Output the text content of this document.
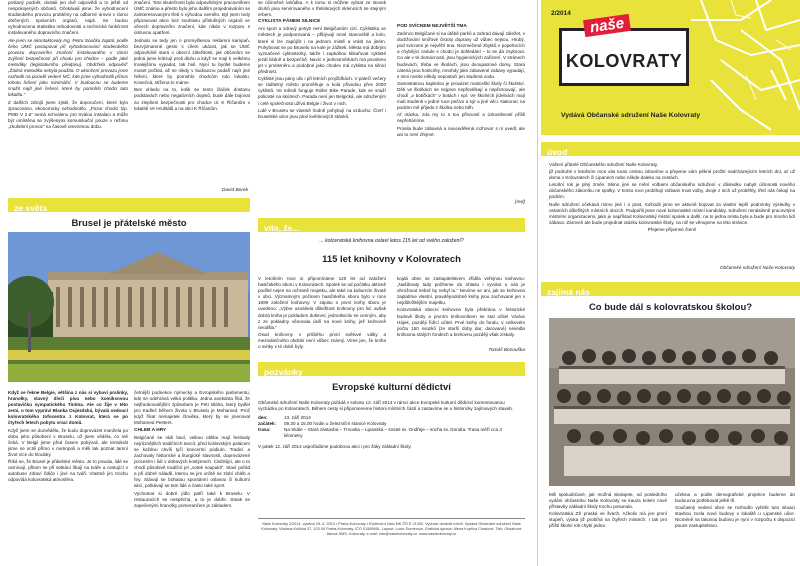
poslaný podnět, dostali jen dvě odpovědi a to ještě od nespokojených občanů. Očekávali jsme, že vyhodnocení studieobého provozu problémy na odborné úrovni v rámci dotčených správních orgánů, najdi. Se budou vyhodnocena statistika nehodovosti a technická funkčnost instalovaného dopravního značení.

Ale jsem se nkontaktovaly Ing. Petru Součku zaptal, podle čeho ÚMČ postupoval při vyhodnocování studieobého provozu dopravního značení instalovaného v rámci zvýšení bezpečnosti při chodu pro chodce – podle jaké metodiky (legislativního předpisu). Obdržela odpověď: „Žádná metodika nebyla použita. O ukončení provozu jsme rozhodli na poradě vedení MČ, kde jsme vyhodnotili přínos tohoto řešení jako minimální. V budoucnu se budeme snažit najít jiné řešení, které by pomohlo chodci tuto lokalitu.“

Z dalších zdrojů jsem zjistil, že doporučení, které bylo zpracováno, ekonomicky nehodnotilo. „Pozor chodci tzp. PMD V 2.6“ nemá schválenu pro trvalou instalaci a může být umístěna se zvýšenými komunikační pouze v režimu „zkušební provoz“ na časově omezenou dobu.

David Borek
ze světa
Brusel je přátelské město

Když se řekne Belgie, většina z nás si vybaví pralinky, hranolky, slavný dívčí piva nebo komiksovou postavičku sympatického Tintina. Ale co žije v této zemi, o tom vypráví Blanka Oujezdská, bývalá sedoucí kolovratského tofocentra z Kolovrat, která se po čtyřech letech pobytu vrací domů.

Když jsem se dozvěděla, že budu doprovázet manžela po dobu jeho působení v Bruselu, už jsem věděla, co mě čeká. V Belgii jsme před časem pobývali, ale tentokrát jsme se octili přímo v metropoli a měli tak poznat tamní život více do hloubky.

Říká se, že Brusel je přátelské město. Je to pravda, lidé se usmívají, přitom se při setkání líbají na tváře a cestující v autobuse zdraví řidiče i jiné na tváři. Vlastně jim trochu odpovídá kolovratská atmosféra.

značení. Toto skutečnost byla odpovědným pracovníkem ÚMČ známa a přesto bylo jeho dalším projednáváním se zainteresovanými třetí s výhodou nemělo. Byl jsem tedy připravovat akce bez souhlasu příslušných orgánů ve věcech dopravního značení, kde nikdo v rozporu s úmluvou opatření.

Jednalo se tedy jen o promyšlenou reklamní kampaň, bezvýznamné gesto s cílem ukázat, jak se ÚMČ odpovědně stará o obecní záležitosti, jak občanům se jedná jsme kritizují proti dluhu a když se mají k velkému trvalejšímu vypadat, tak hnil. Nyní tu bydlet budeme muset počkat, až se nikdy v budoucnu podaří najít jiné řešení, které by pomohlo chodcům tuto lokalitu. Konečná, stížena to máme.

Bez ohledu na to, kolik se tento čláček dostanu podstavách nebo negativních dopisů, bude dále bojovat za zlepšení bezpečnosti pro chodce ul. K Říčanům v lokalitě Ve Hruštálů a na ulici K Říčanům.

četnější podnekce nýmecký a Evropského parlamentu, kde se odehrává velká politika. Jedna anekdota říká, že nejfrankovatějším způsobem je Petr Bláha, který bydlel pro Kadleč během života v Bruselu je Mohamed. Proč když říkat nemajetek člověka, který by se jmenoval Mohamed Peeters.

CHLEB A HRY

Belgičané se rádi baví, velkou oblibu mají festivaly nejrůznějších tradičních tanců, před královským palácem se každou chvíli tyčí koncertní pódium. Tradicí a zachovaly historické a liturgické slavnosti, doprovázené procesím i lidí v dobových kostýmech. Cisiřelijci, ale o to chodí působivě tradiční jel „votek soupukli“. Slaví pořád a při dobré náladě, kterou se jim určitě se zlobí chléb a hry. Stávají se bohatou spontánní oslavou či kulturní akcí, potkávají se tam lidé a často také sport.

Vychutnat si dobré jídlo patří také k Bruselu. V restauracích se nespěchá, a to je dobře. Steak se zapečenými hranolky pomerančem je základem.

se účinněné lahůdka. A k tomu si můžete vybrat ze stovek druhů piva servírovaného v třetinkových sklenicích se stejným erbem.

CYKLISTA PÁNEM SILNICE

Ani sport a zdravý pohyb není Belgičanům cizí. Cyklistika ve městech je podporovaná – přibývají nové stanoviště a kolo, které si lze zapůjčit i na jednom místě a vrátit na jiném. Pohybovat se po Bruselu na kole je zážitek. Města má dobrým vyznačené cyklostezky, takže i zapkdítou klikařovat cyklisté jezdí klidně a bezpečně. Navíc v jednosměrkách má povoleno jet v protisměru a podobné jako chodec má cyklista na silnici přednost.

Cyklisté jsou pány ulic i při letních projížďkách. V pátečí večery se ráditelný město proměňuje a kola přivedou přes 2000 cyklistů. Ve městě funguje Roller Bike Parade, kde se snaží policisté na skútrech. Parada není jen Belgická, ale sdruženým i celé společnosti užívá Belgie i život v nich.

Lidé v Bruselu se vlastně hodně pohybují na vzduchu: Čtvrť i bruselské ulice jsou plné květinových stánků.

POD SVÍCNEM NEJVĚTŠÍ TMA

Zatímco Belgičané si na útěbě parků a zahrad dávají záležet, v dodržování smířové čistoty dopravy už vůbec nejsou. Hrubý, pod svícnem je nejvěřtí tma. Nezmečené zbytků v popelnicích a chybějící cedule s chodci je dohledání – to se dá zvyknout. Co ale v té domácnosti, jsou hygienických zařízení. V stránech budovách, třeba ve školách, jsou dvoupatrové domy. Stará cáteriá jsou hostcirky, mnohdy jako zabavené zabavy vypadají, s nimi nosíte někdy nepostačí jen studená voda.

Samostatnou kapitolou je provázet maticeškí školy či školství. Děti ve školkách se nejprve nepřevlékají a nepřezouvají, ale chodí „v botičkách“ v botách i spí. Ve školních jídelnách mají malí studenti v jedné ruce pečivo a sýr a jiné věci. Nakonec na podzim mě přijede z školka nebo běh.

Ať otázka, zda my to s tou přísností a úzkostlivostí příliš nepřeháníme.

Prosila bude zábavná a neucedělená rozhovor s ní uvedl, ale ani to není zřejmé.

(red)
víte, že...
... kolovratská knihovna oslaví letos 115 let od svého založení?
115 let knihovny v Kolovratech

V letošním roce si připomínáme 120 let od založení hasičského sboru v Kolovratech. Spolek se od počátku aktivně podílel nejen na ochraně majetku, ale také na kulturním životě v obci. Významným počinem hasičského sboru bylo v roce 1899 založení knihovny. V zápisu o první knihy sboru je uvedeno: „Výbor usnášela důležitost knihovny pro lid, avšak dobrá kniha je pokladem duševní, jednotlivcův se cenným, aby z ze pokladny věnovala úsilí na nové knihy, jež knihovně neodšla.“

Osud knihovny v průběhu první světové války a meziválečného období není vůbec známý. Víme jen, že kniha o svitky v té době byly.

kojdá obec se zastupitelstvem zřídila veřejnou knihovnu: „Našíbnaty tady počíteme do ohlasu i vyvolat u nás je ohrožovat neboť by nebyl tu.“ Nevíme se ani, jak se knihovna zaplatíme vlastní, pravděpodobně knihy jsou zachované jen v nejdůležitějším majetku.

Kolovratská obecní knihovna byla přebrána v historické budově školy a prvním knihovníkem se stal učitel Václav Hájek, později řídící učitel. Prvé knihy do fondu, v celkovém počtu 150 svazků (ze starší doby dar, darované) nevedla knihovna stálých fondech a knihovnu později však získaly.

Tomáš Bezouška
pozvánky
Evropské kulturní dědictví

Občanské sdružení Naše Kolovraty pořádá v sobotu 13. září 2014 v rámci akce Evropské kulturní dědictví komentovanou vycházku po Kolovratech. Během cesty si připomeneme historii místních částí a zastavíme se u historicky zajímavých staveb.

den:	13. září 2014
začátek: 09.30 a 15.00 hodin u železniční stanice Kolovraty
trasa:	Na Skále – Stará zástavba – Trnovka – Lipanská – kostel sv. Ondřeje – socha sv. Donáta. Trasa měří cca 3 kilometry.

V pátek 12. září 2014 uspořádáme podobnou akci i pro žáky základní školy.

Naše Kolovraty 2/2014, vydáno 29. 6. 2014 • Praha-Kolovraty • Evidenční číslo MK ČR E 21392. Vychází dvakrát ročně. Vydává Občanské sdružení Naše Kolovraty, Václava Kulíška 37, 103 00 Praha-Kolovraty, IČO 01589661. Layout: Lucie Dominová. Grafická úprava: Alena Kopřiva Chadová. Tisk: Obsahové listová SMS, Kolovraty, e-mail: info@nasekolovraty.cz, www.nasekolovraty.cz
2/2014
naše
KOLOVRATY
Vydává Občanské sdružení Naše Kolovraty
úvod

Vážení přátelé Občanského sdružení Naše Kolovraty,

již podruhé v letošním roce vás touto cestou zdravíme a přejeme vám pěkné prožití nadcházejícím letních dní, ať už doma v Kolovratech či Lipanech nebo někde daleko na cestách.

Letošní rok je plný změn. Mimo jiné se mění volbami občanského sdružení v důsledku nabytí účinnosti nového občanského zákoníku ne spolky. V tomto roce probíhají volbami trvat volby, dvoje z nich už proběhly, třetí nás čekají na podzim.

Naše sdružení očekává mimo jiné i o post, rozhodli jsme se aktivně bojovat za vlastní lepší podmínky výsledky v ostatních důležitých místních obcích. Podpořili jsme nové kolovratské místní kandidáty. Sdružení nenásilnně pracovitými místními organizacemi, jako je například Kolovratský místní spolek a další, na to jedna místa byla a bude pro mnoho lidí zábava. Zároveň ale bude projednat otázku kolovratské školy, na niž se věnujeme na této stránce.

Přejeme příjemné čtení!

Občanské sdružení Naše Kolovraty
zajímá nás
Co bude dál s kolovratskou školou?

Mili spoluobčané, jak možná sledujete, od posledního vydání občasníku Naše Kolovraty se kauza kolem nové přístavby základní školy trochu posunula.

Kolovratská ZŠ praská ve švech. Ačkoliv má jen první stupeň, výuka již probíhá na čtyřech místech. I tak pro příští školní rok chybí jedna

učebna a podle demografické projekce budeme do budoucna potřebovat ještě tři.

Současný vedení obce se rozhodlo vyřešit tuto situaci stavbou zcela nové budovy v lokalitě u Lipanské ulice. Nicméně na takovou budovu je nyní v rozpočtu k dispozici pouze zastupitelstvo.
